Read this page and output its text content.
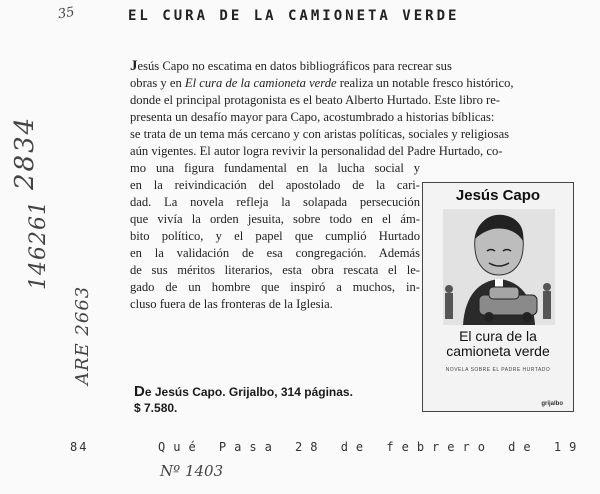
EL CURA DE LA CAMIONETA VERDE

Jesús Capo no escatima en datos bibliográficos para recrear sus
obras y en El cura de la camioneta verde realiza un notable fresco histórico,
donde el principal protagonista es el beato Alberto Hurtado. Este libro re-
presenta un desafío mayor para Capo, acostumbrado a historias bíblicas:
se trata de un tema más cercano y con aristas políticas, sociales y religiosas
aún vigentes. El autor logra revivir la personalidad del Padre Hurtado, co-
mo una figura fundamental en la lucha social y
en la reivindicación del apostolado de la cari-
dad. La novela refleja la solapada persecución
que vivía la orden jesuita, sobre todo en el ám-
bito político, y el papel que cumplió Hurtado
en la validación de esa congregación. Además
de sus méritos literarios, esta obra rescata el le-
gado de un hombre que inspiró a muchos, in-
cluso fuera de las fronteras de la Iglesia.

De Jesús Capo. Grijalbo, 314 páginas.
$ 7.580.
Jesús Capo
El cura de la
camioneta verde
NOVELA SOBRE EL PADRE HURTADO
grijalbo
84	Qué Pasa 28 de febrero de 19
35
2834
146261
ARE 2663
Nº 1403
